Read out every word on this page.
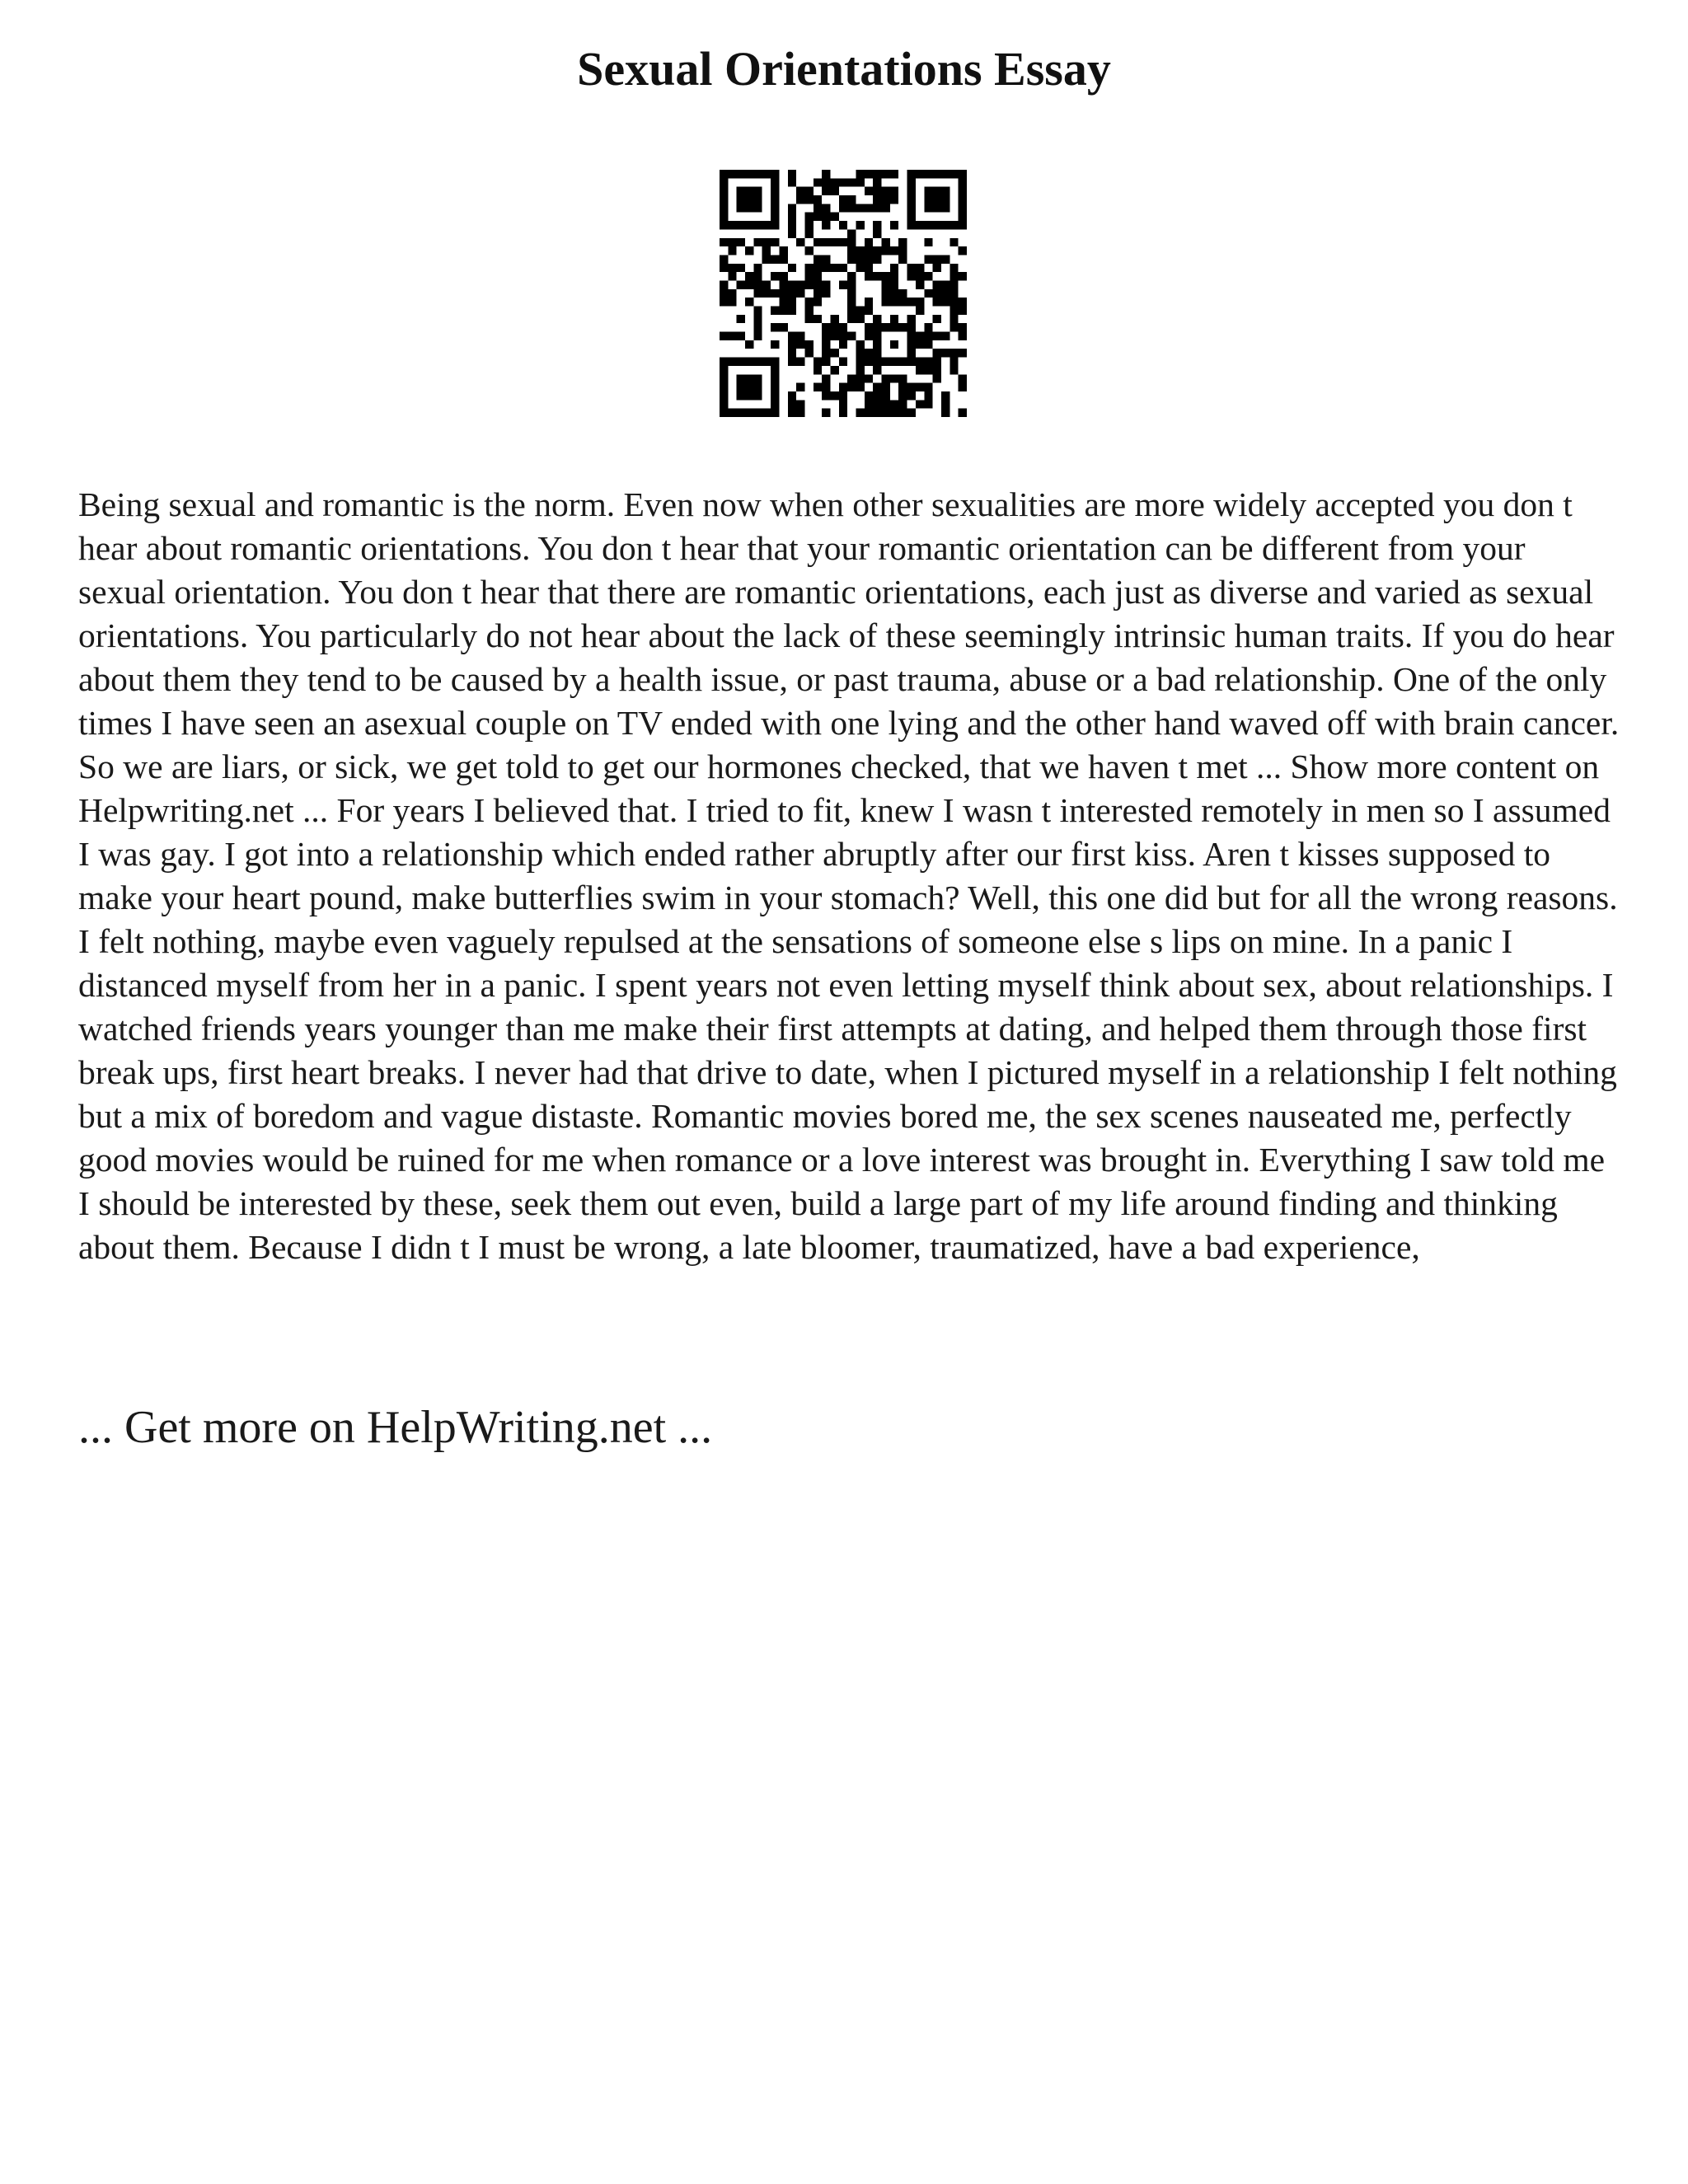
Sexual Orientations Essay

Being sexual and romantic is the norm. Even now when other sexualities are more widely accepted you don t hear about romantic orientations. You don t hear that your romantic orientation can be different from your sexual orientation. You don t hear that there are romantic orientations, each just as diverse and varied as sexual orientations. You particularly do not hear about the lack of these seemingly intrinsic human traits. If you do hear about them they tend to be caused by a health issue, or past trauma, abuse or a bad relationship. One of the only times I have seen an asexual couple on TV ended with one lying and the other hand waved off with brain cancer. So we are liars, or sick, we get told to get our hormones checked, that we haven t met ... Show more content on Helpwriting.net ... For years I believed that. I tried to fit, knew I wasn t interested remotely in men so I assumed I was gay. I got into a relationship which ended rather abruptly after our first kiss. Aren t kisses supposed to make your heart pound, make butterflies swim in your stomach? Well, this one did but for all the wrong reasons. I felt nothing, maybe even vaguely repulsed at the sensations of someone else s lips on mine. In a panic I distanced myself from her in a panic. I spent years not even letting myself think about sex, about relationships. I watched friends years younger than me make their first attempts at dating, and helped them through those first break ups, first heart breaks. I never had that drive to date, when I pictured myself in a relationship I felt nothing but a mix of boredom and vague distaste. Romantic movies bored me, the sex scenes nauseated me, perfectly good movies would be ruined for me when romance or a love interest was brought in. Everything I saw told me I should be interested by these, seek them out even, build a large part of my life around finding and thinking about them. Because I didn t I must be wrong, a late bloomer, traumatized, have a bad experience,

... Get more on HelpWriting.net ...
